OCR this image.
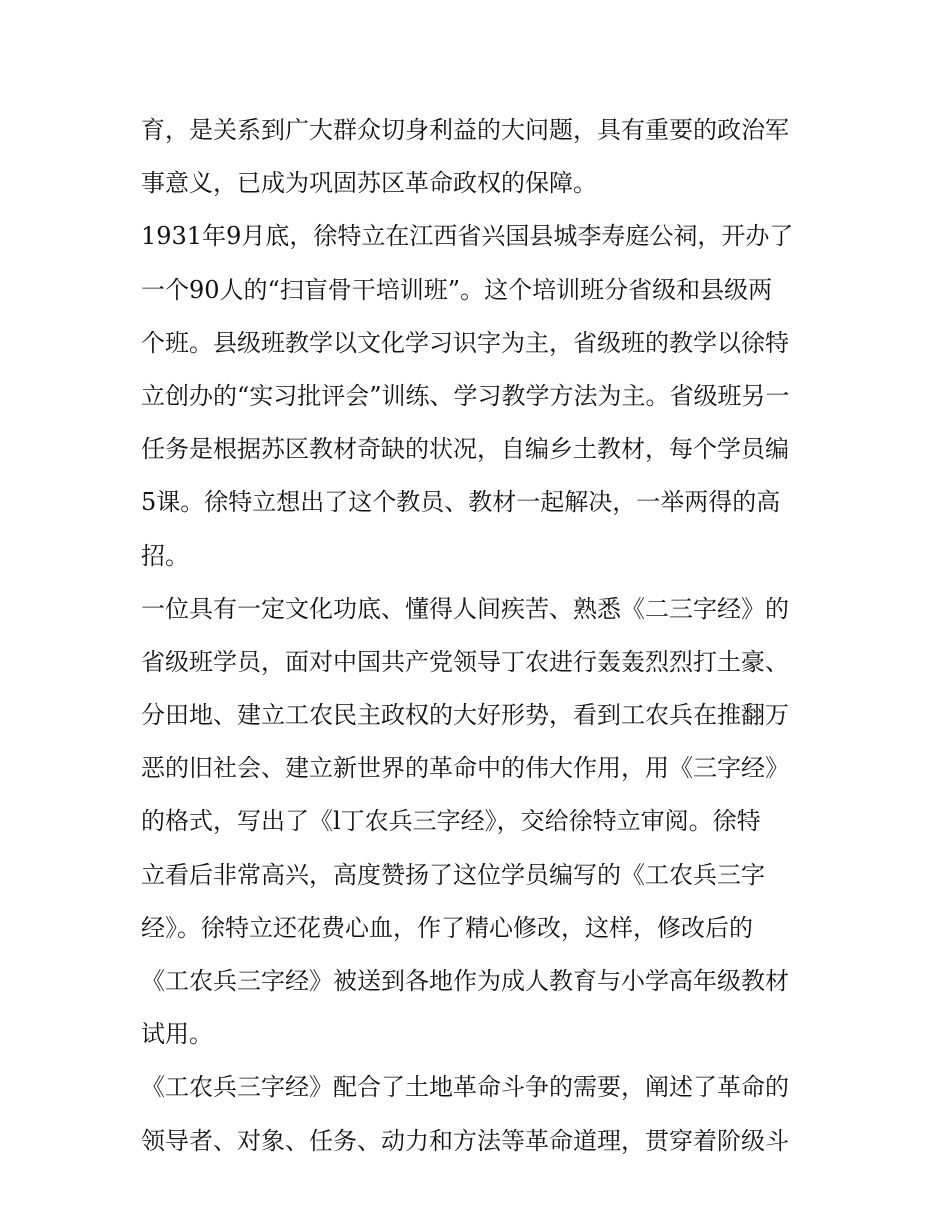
育，是关系到广大群众切身利益的大问题，具有重要的政治军
事意义，已成为巩固苏区革命政权的保障。
1931年9月底，徐特立在江西省兴国县城李寿庭公祠，开办了
一个90人的“扫盲骨干培训班”。这个培训班分省级和县级两
个班。县级班教学以文化学习识字为主，省级班的教学以徐特
立创办的“实习批评会”训练、学习教学方法为主。省级班另一
任务是根据苏区教材奇缺的状况，自编乡土教材，每个学员编
5课。徐特立想出了这个教员、教材一起解决，一举两得的高
招。
一位具有一定文化功底、懂得人间疾苦、熟悉《二三字经》的
省级班学员，面对中国共产党领导丁农进行轰轰烈烈打土豪、
分田地、建立工农民主政权的大好形势，看到工农兵在推翻万
恶的旧社会、建立新世界的革命中的伟大作用，用《三字经》
的格式，写出了《l丁农兵三字经》，交给徐特立审阅。徐特
立看后非常高兴，高度赞扬了这位学员编写的《工农兵三字
经》。徐特立还花费心血，作了精心修改，这样，修改后的
《工农兵三字经》被送到各地作为成人教育与小学高年级教材
试用。
《工农兵三字经》配合了土地革命斗争的需要，阐述了革命的
领导者、对象、任务、动力和方法等革命道理，贯穿着阶级斗
